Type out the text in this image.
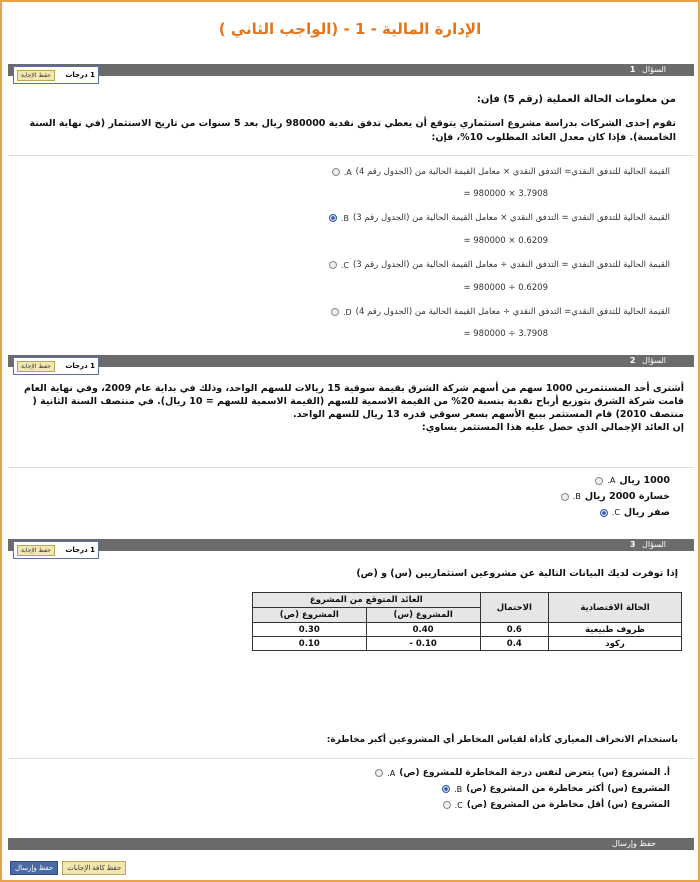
الإدارة المالية - 1 - (الواجب الثاني )
السؤال 1
حفظ الإجابة	1 درجات
من معلومات الحالة العملية (رقم 5) فإن:
تقوم إحدى الشركات بدراسة مشروع استثماري يتوقع أن يعطي تدفق نقدية 980000 ريال بعد 5 سنوات من تاريخ الاستثمار (في نهاية السنة الخامسة). فإذا كان معدل العائد المطلوب 10%، فإن:
القيمة الحالية للتدفق النقدي= التدفق النقدي × معامل القيمة الحالية من (الجدول رقم 4)
A.
3.7908 × 980000 =
القيمة الحالية للتدفق النقدي = التدفق النقدي × معامل القيمة الحالية من (الجدول رقم 3)
B.
0.6209 × 980000 =
القيمة الحالية للتدفق النقدي = التدفق النقدي ÷ معامل القيمة الحالية من (الجدول رقم 3)
C.
0.6209 ÷ 980000 =
القيمة الحالية للتدفق النقدي= التدفق النقدي ÷ معامل القيمة الحالية من (الجدول رقم 4)
D.
3.7908 ÷ 980000 =
السؤال 2
حفظ الإجابة	1 درجات
أشترى أحد المستثمرين 1000 سهم من أسهم شركة الشرق بقيمة سوقية 15 ريالات للسهم الواحد، وذلك في بداية عام 2009، وفي نهاية العام قامت شركة الشرق بتوزيع أرباح نقدية بنسبة 20% من القيمة الاسمية للسهم (القيمة الاسمية للسهم = 10 ريال). في منتصف السنة الثانية ( منتصف 2010) قام المستثمر بيبع الأسهم بسعر سوقي قدره 13 ريال للسهم الواحد.
إن العائد الإجمالي الذي حصل عليه هذا المستثمر يساوي:
1000 ريال
A.
خسارة 2000 ريال
B.
صفر ريال
C.
السؤال 3
حفظ الإجابة	1 درجات
إذا توفرت لديك البيانات التالية عن مشروعين استثماريين (س) و (ص)
الحالة الاقتصادية	الاحتمال	العائد المتوقع من المشروع	
		المشروع (س)	المشروع (ص)
ظروف طبيعية	0.6	0.40	0.30
ركود	0.4	0.10 -	0.10
باستخدام الانحراف المعياري كأداة لقياس المخاطر أي المشروعين أكبر مخاطرة:
أ. المشروع (س) يتعرض لنفس درجة المخاطرة للمشروع (ص)
A.
المشروع (س) أكثر مخاطرة من المشروع (ص)
B.
المشروع (س) أقل مخاطرة من المشروع (ص)
C.
حفظ وإرسال
حفظ وإرسال	حفظ كافة الإجابات
